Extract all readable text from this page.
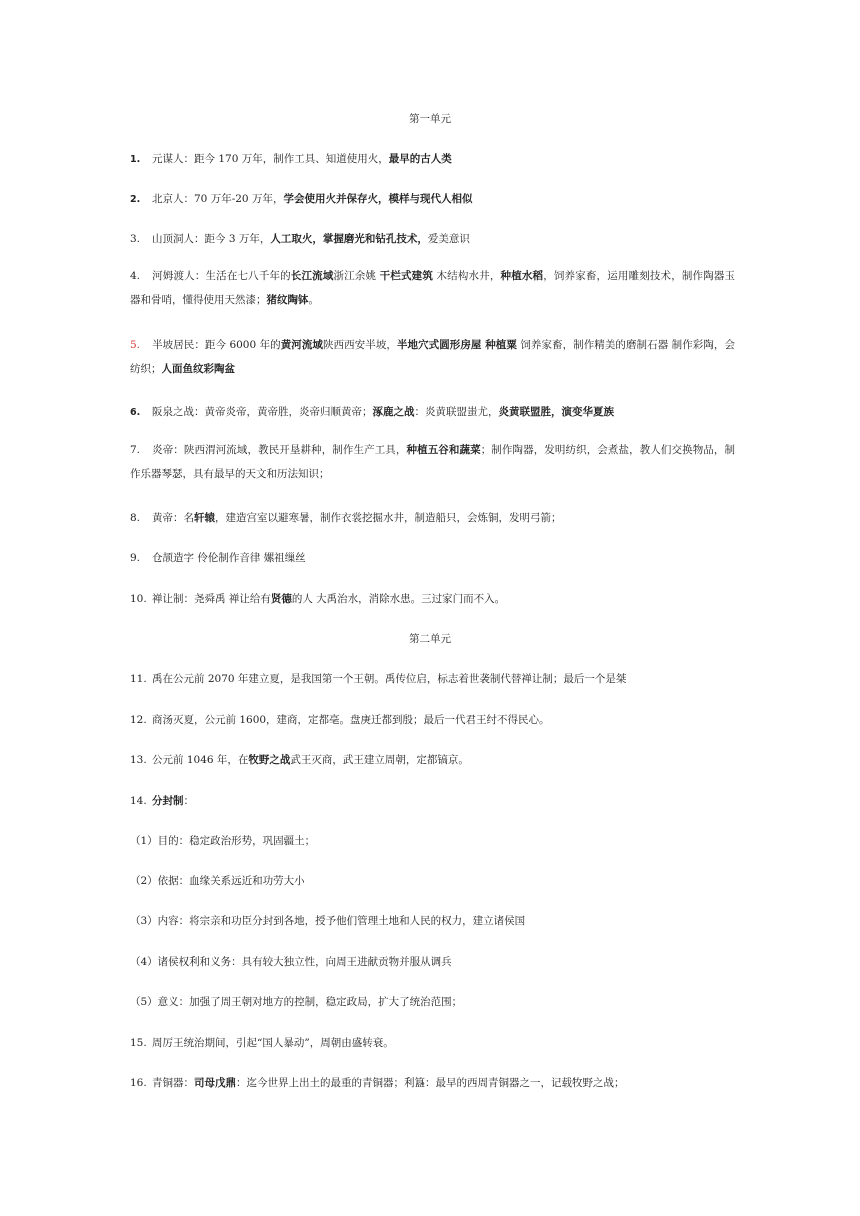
第一单元
1. 元谋人：距今 170 万年，制作工具、知道使用火，最早的古人类
2. 北京人：70 万年-20 万年，学会使用火并保存火，模样与现代人相似
3. 山顶洞人：距今 3 万年，人工取火，掌握磨光和钻孔技术，爱美意识
4. 河姆渡人：生活在七八千年的长江流域浙江余姚 干栏式建筑 木结构水井，种植水稻，饲养家畜，运用雕刻技术，制作陶器玉器和骨哨，懂得使用天然漆；猪纹陶钵。
5. 半坡居民：距今 6000 年的黄河流域陕西西安半坡，半地穴式圆形房屋 种植粟 饲养家畜，制作精美的磨制石器 制作彩陶，会纺织；人面鱼纹彩陶盆
6. 阪泉之战：黄帝炎帝，黄帝胜，炎帝归顺黄帝；涿鹿之战：炎黄联盟蚩尤，炎黄联盟胜，演变华夏族
7. 炎帝：陕西渭河流域，教民开垦耕种，制作生产工具，种植五谷和蔬菜；制作陶器，发明纺织，会煮盐，教人们交换物品，制作乐器琴瑟，具有最早的天文和历法知识；
8. 黄帝：名轩辕，建造宫室以避寒暑，制作衣裳挖掘水井，制造船只，会炼铜，发明弓箭；
9. 仓颉造字 伶伦制作音律 嫘祖缫丝
10. 禅让制：尧舜禹 禅让给有贤德的人 大禹治水，消除水患。三过家门而不入。
第二单元
11. 禹在公元前 2070 年建立夏，是我国第一个王朝。禹传位启，标志着世袭制代替禅让制；最后一个是桀
12. 商汤灭夏，公元前 1600，建商，定都亳。盘庚迁都到殷；最后一代君王纣不得民心。
13. 公元前 1046 年，在牧野之战武王灭商，武王建立周朝，定都镐京。
14. 分封制：
（1）目的：稳定政治形势，巩固疆土；
（2）依据：血缘关系远近和功劳大小
（3）内容：将宗亲和功臣分封到各地，授予他们管理土地和人民的权力，建立诸侯国
（4）诸侯权利和义务：具有较大独立性，向周王进献贡物并服从调兵
（5）意义：加强了周王朝对地方的控制，稳定政局，扩大了统治范围；
15. 周厉王统治期间，引起“国人暴动”，周朝由盛转衰。
16. 青铜器：司母戊鼎：迄今世界上出土的最重的青铜器；利簋：最早的西周青铜器之一，记载牧野之战；
